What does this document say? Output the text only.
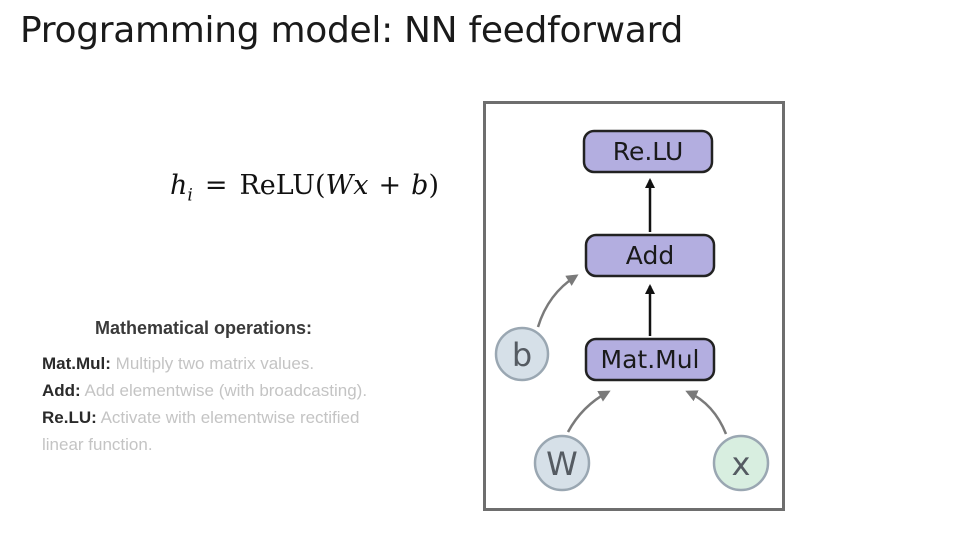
Programming model: NN feedforward
$h_i$ = ReLU(Wx + b)
Mathematical operations:
Mat.Mul: Multiply two matrix values.
Add: Add elementwise (with broadcasting).
Re.LU: Activate with elementwise rectified
linear function.
Re.LU
Add
Mat.Mul
b
W	x
